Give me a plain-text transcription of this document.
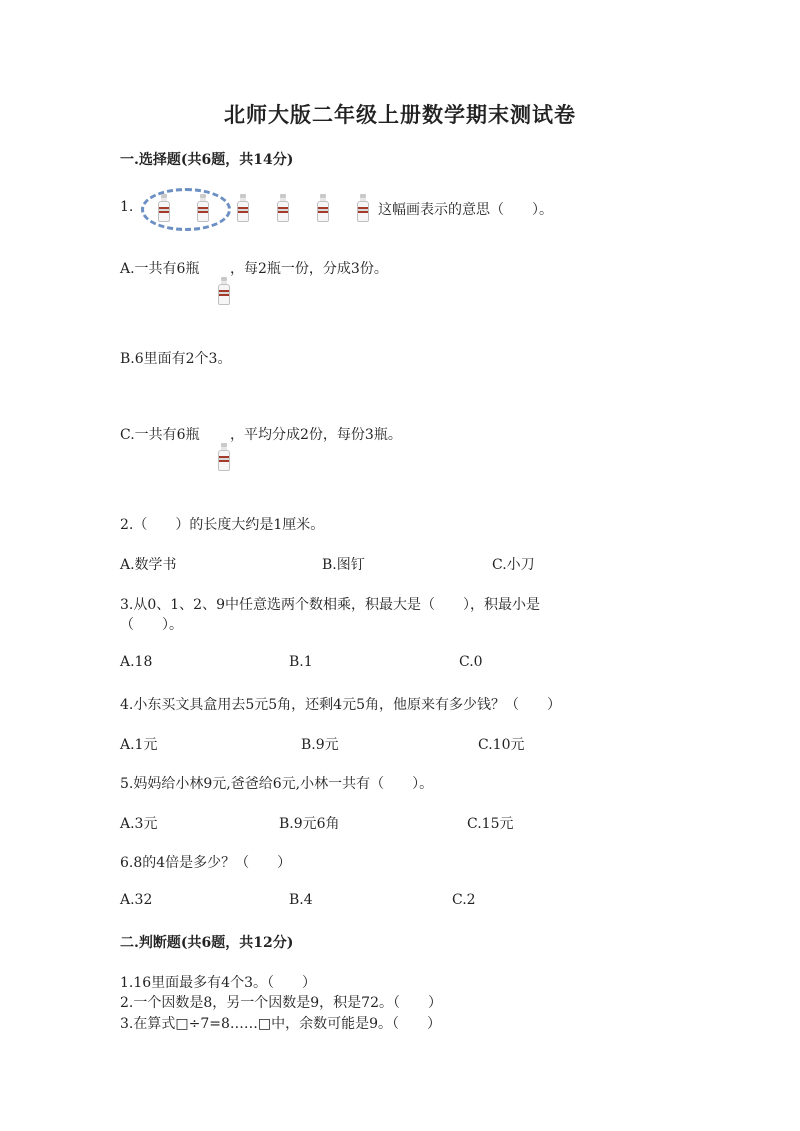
北师大版二年级上册数学期末测试卷
一.选择题(共6题，共14分)
1.	这幅画表示的意思（　　）。
A.一共有6瓶 ，每2瓶一份，分成3份。
B.6里面有2个3。
C.一共有6瓶 ，平均分成2份，每份3瓶。
2.（　　）的长度大约是1厘米。
A.数学书	B.图钉	C.小刀
3.从0、1、2、9中任意选两个数相乘，积最大是（　　），积最小是
（　　）。
A.18	B.1	C.0
4.小东买文具盒用去5元5角，还剩4元5角，他原来有多少钱？（　　）
A.1元	B.9元	C.10元
5.妈妈给小林9元,爸爸给6元,小林一共有（　　）。
A.3元	B.9元6角	C.15元
6.8的4倍是多少？（　　）
A.32	B.4	C.2
二.判断题(共6题，共12分)
1.16里面最多有4个3。（　　）
2.一个因数是8，另一个因数是9，积是72。（　　）
3.在算式□÷7=8……□中，余数可能是9。（　　）
